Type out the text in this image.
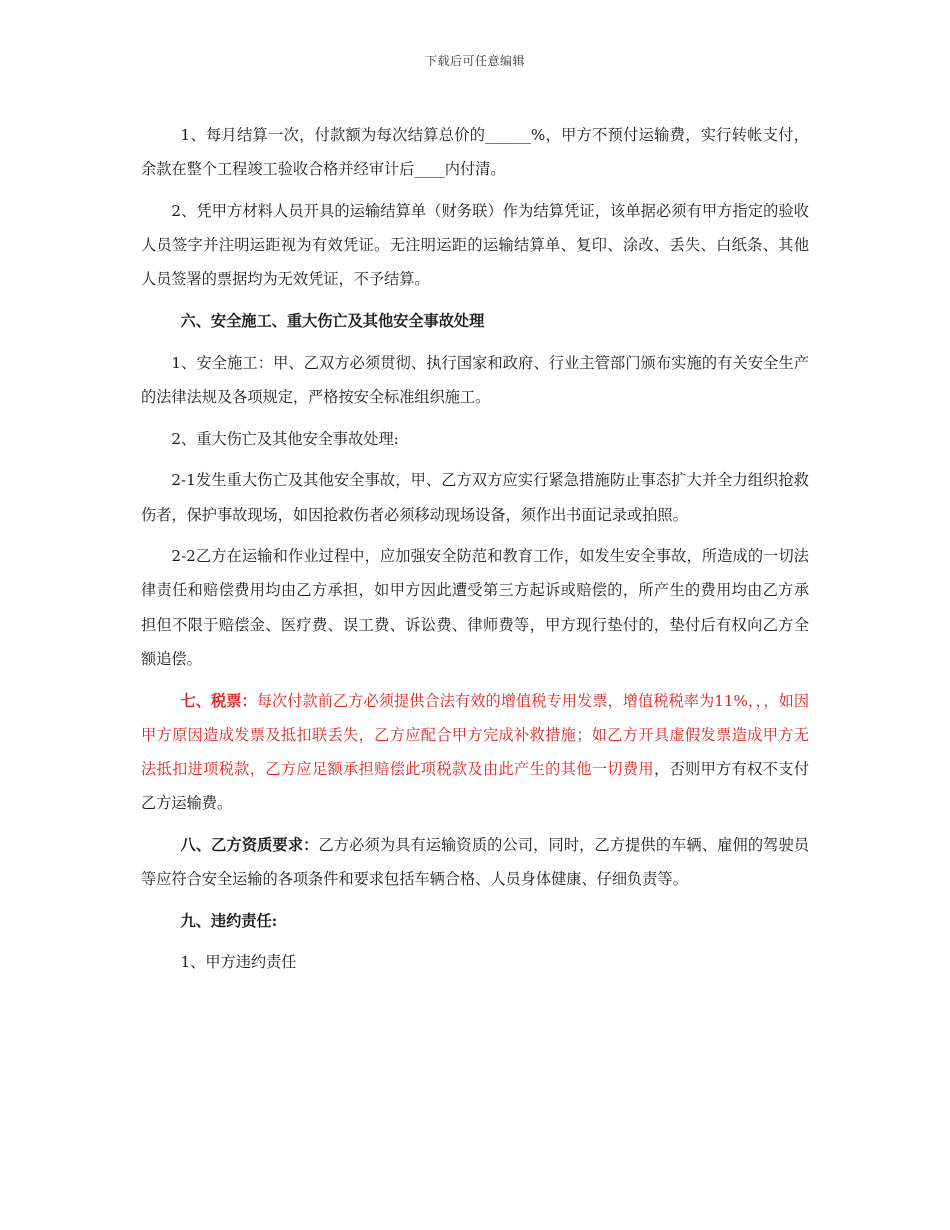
下载后可任意编辑

1、每月结算一次，付款额为每次结算总价的______%，甲方不预付运输费，实行转帐支付，余款在整个工程竣工验收合格并经审计后____内付清。

2、凭甲方材料人员开具的运输结算单（财务联）作为结算凭证，该单据必须有甲方指定的验收人员签字并注明运距视为有效凭证。无注明运距的运输结算单、复印、涂改、丢失、白纸条、其他人员签署的票据均为无效凭证，不予结算。

六、安全施工、重大伤亡及其他安全事故处理

1、安全施工：甲、乙双方必须贯彻、执行国家和政府、行业主管部门颁布实施的有关安全生产的法律法规及各项规定，严格按安全标准组织施工。

2、重大伤亡及其他安全事故处理:

2-1发生重大伤亡及其他安全事故，甲、乙方双方应实行紧急措施防止事态扩大并全力组织抢救伤者，保护事故现场，如因抢救伤者必须移动现场设备，须作出书面记录或拍照。

2-2乙方在运输和作业过程中，应加强安全防范和教育工作，如发生安全事故，所造成的一切法律责任和赔偿费用均由乙方承担，如甲方因此遭受第三方起诉或赔偿的，所产生的费用均由乙方承担但不限于赔偿金、医疗费、误工费、诉讼费、律师费等，甲方现行垫付的，垫付后有权向乙方全额追偿。

七、税票：每次付款前乙方必须提供合法有效的增值税专用发票，增值税税率为11%，，，如因甲方原因造成发票及抵扣联丢失，乙方应配合甲方完成补救措施；如乙方开具虚假发票造成甲方无法抵扣进项税款，乙方应足额承担赔偿此项税款及由此产生的其他一切费用，否则甲方有权不支付乙方运输费。

八、乙方资质要求：乙方必须为具有运输资质的公司，同时，乙方提供的车辆、雇佣的驾驶员等应符合安全运输的各项条件和要求包括车辆合格、人员身体健康、仔细负责等。

九、违约责任:

1、甲方违约责任
